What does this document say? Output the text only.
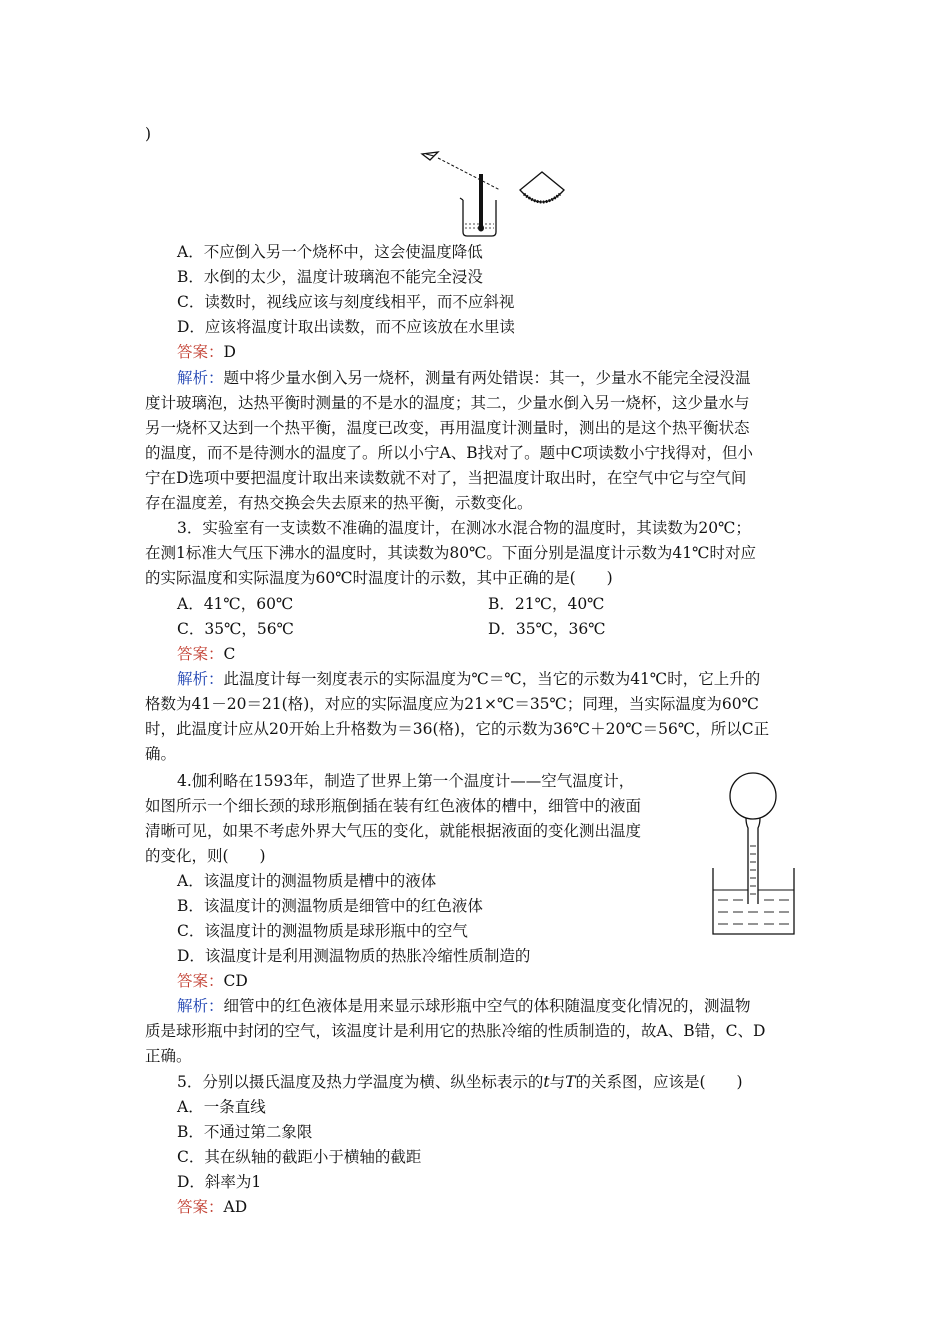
)
A．不应倒入另一个烧杯中，这会使温度降低
B．水倒的太少，温度计玻璃泡不能完全浸没
C．读数时，视线应该与刻度线相平，而不应斜视
D．应该将温度计取出读数，而不应该放在水里读
答案：D
解析：题中将少量水倒入另一烧杯，测量有两处错误：其一，少量水不能完全浸没温
度计玻璃泡，达热平衡时测量的不是水的温度；其二，少量水倒入另一烧杯，这少量水与
另一烧杯又达到一个热平衡，温度已改变，再用温度计测量时，测出的是这个热平衡状态
的温度，而不是待测水的温度了。所以小宁A、B找对了。题中C项读数小宁找得对，但小
宁在D选项中要把温度计取出来读数就不对了，当把温度计取出时，在空气中它与空气间
存在温度差，有热交换会失去原来的热平衡，示数变化。
3．实验室有一支读数不准确的温度计，在测冰水混合物的温度时，其读数为20℃；
在测1标准大气压下沸水的温度时，其读数为80℃。下面分别是温度计示数为41℃时对应
的实际温度和实际温度为60℃时温度计的示数，其中正确的是(　　)
A．41℃，60℃	B．21℃，40℃
C．35℃，56℃	D．35℃，36℃
答案：C
解析：此温度计每一刻度表示的实际温度为℃＝℃，当它的示数为41℃时，它上升的
格数为41－20＝21(格)，对应的实际温度应为21×℃＝35℃；同理，当实际温度为60℃
时，此温度计应从20开始上升格数为＝36(格)，它的示数为36℃＋20℃＝56℃，所以C正
确。
4.伽利略在1593年，制造了世界上第一个温度计——空气温度计，
如图所示一个细长颈的球形瓶倒插在装有红色液体的槽中，细管中的液面
清晰可见，如果不考虑外界大气压的变化，就能根据液面的变化测出温度
的变化，则(　　)
A．该温度计的测温物质是槽中的液体
B．该温度计的测温物质是细管中的红色液体
C．该温度计的测温物质是球形瓶中的空气
D．该温度计是利用测温物质的热胀冷缩性质制造的
答案：CD
解析：细管中的红色液体是用来显示球形瓶中空气的体积随温度变化情况的，测温物
质是球形瓶中封闭的空气，该温度计是利用它的热胀冷缩的性质制造的，故A、B错，C、D
正确。
5．分别以摄氏温度及热力学温度为横、纵坐标表示的t与T的关系图，应该是(　　)
A．一条直线
B．不通过第二象限
C．其在纵轴的截距小于横轴的截距
D．斜率为1
答案：AD
